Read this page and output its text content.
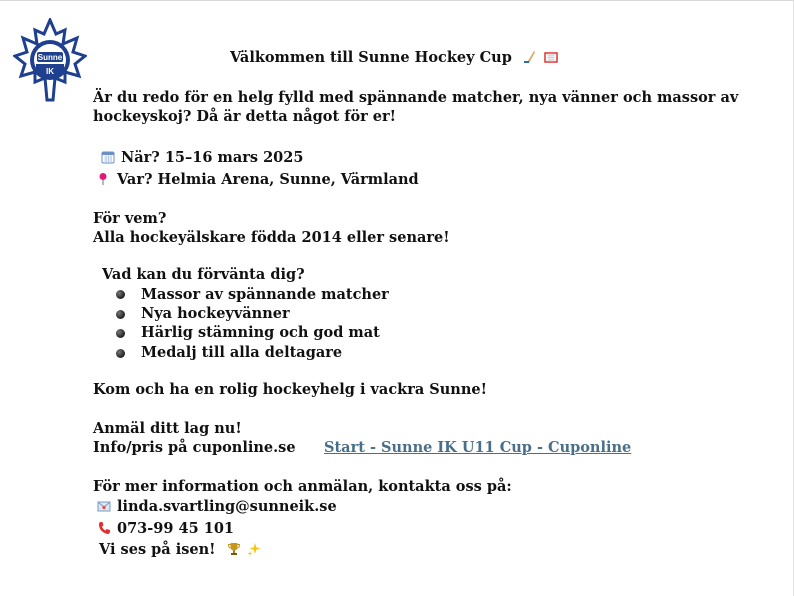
Sunne
IK
Välkommen till Sunne Hockey Cup
Är du redo för en helg fylld med spännande matcher, nya vänner och massor av
hockeyskoj? Då är detta något för er!
När? 15–16 mars 2025
Var? Helmia Arena, Sunne, Värmland
För vem?
Alla hockeyälskare födda 2014 eller senare!
Vad kan du förvänta dig?
Massor av spännande matcher
Nya hockeyvänner
Härlig stämning och god mat
Medalj till alla deltagare
Kom och ha en rolig hockeyhelg i vackra Sunne!
Anmäl ditt lag nu!
Info/pris på cuponline.se Start - Sunne IK U11 Cup - Cuponline
För mer information och anmälan, kontakta oss på:
linda.svartling@sunneik.se
073-99 45 101
Vi ses på isen!
